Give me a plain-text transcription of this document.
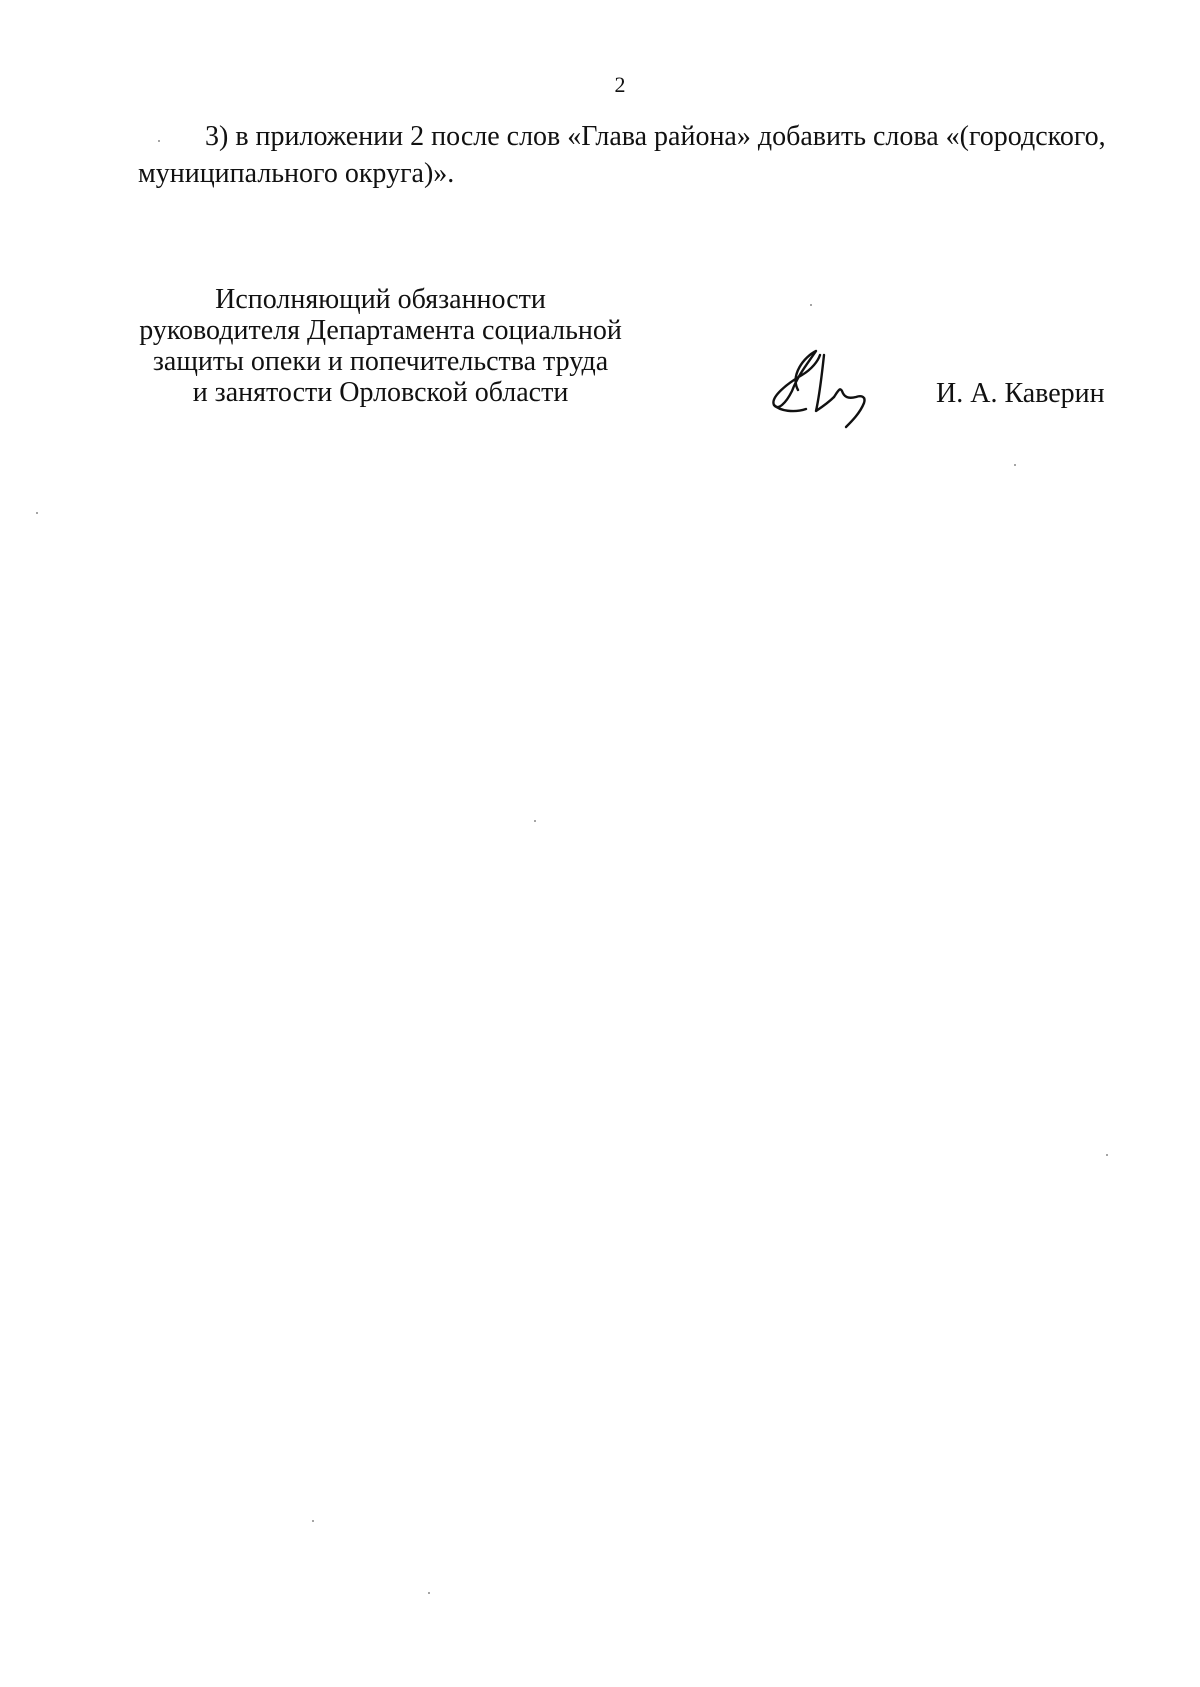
2
3) в приложении 2 после слов «Глава района» добавить слова «(городского,
муниципального округа)».
Исполняющий обязанности
руководителя Департамента социальной
защиты опеки и попечительства труда
и занятости Орловской области	И. А. Каверин
